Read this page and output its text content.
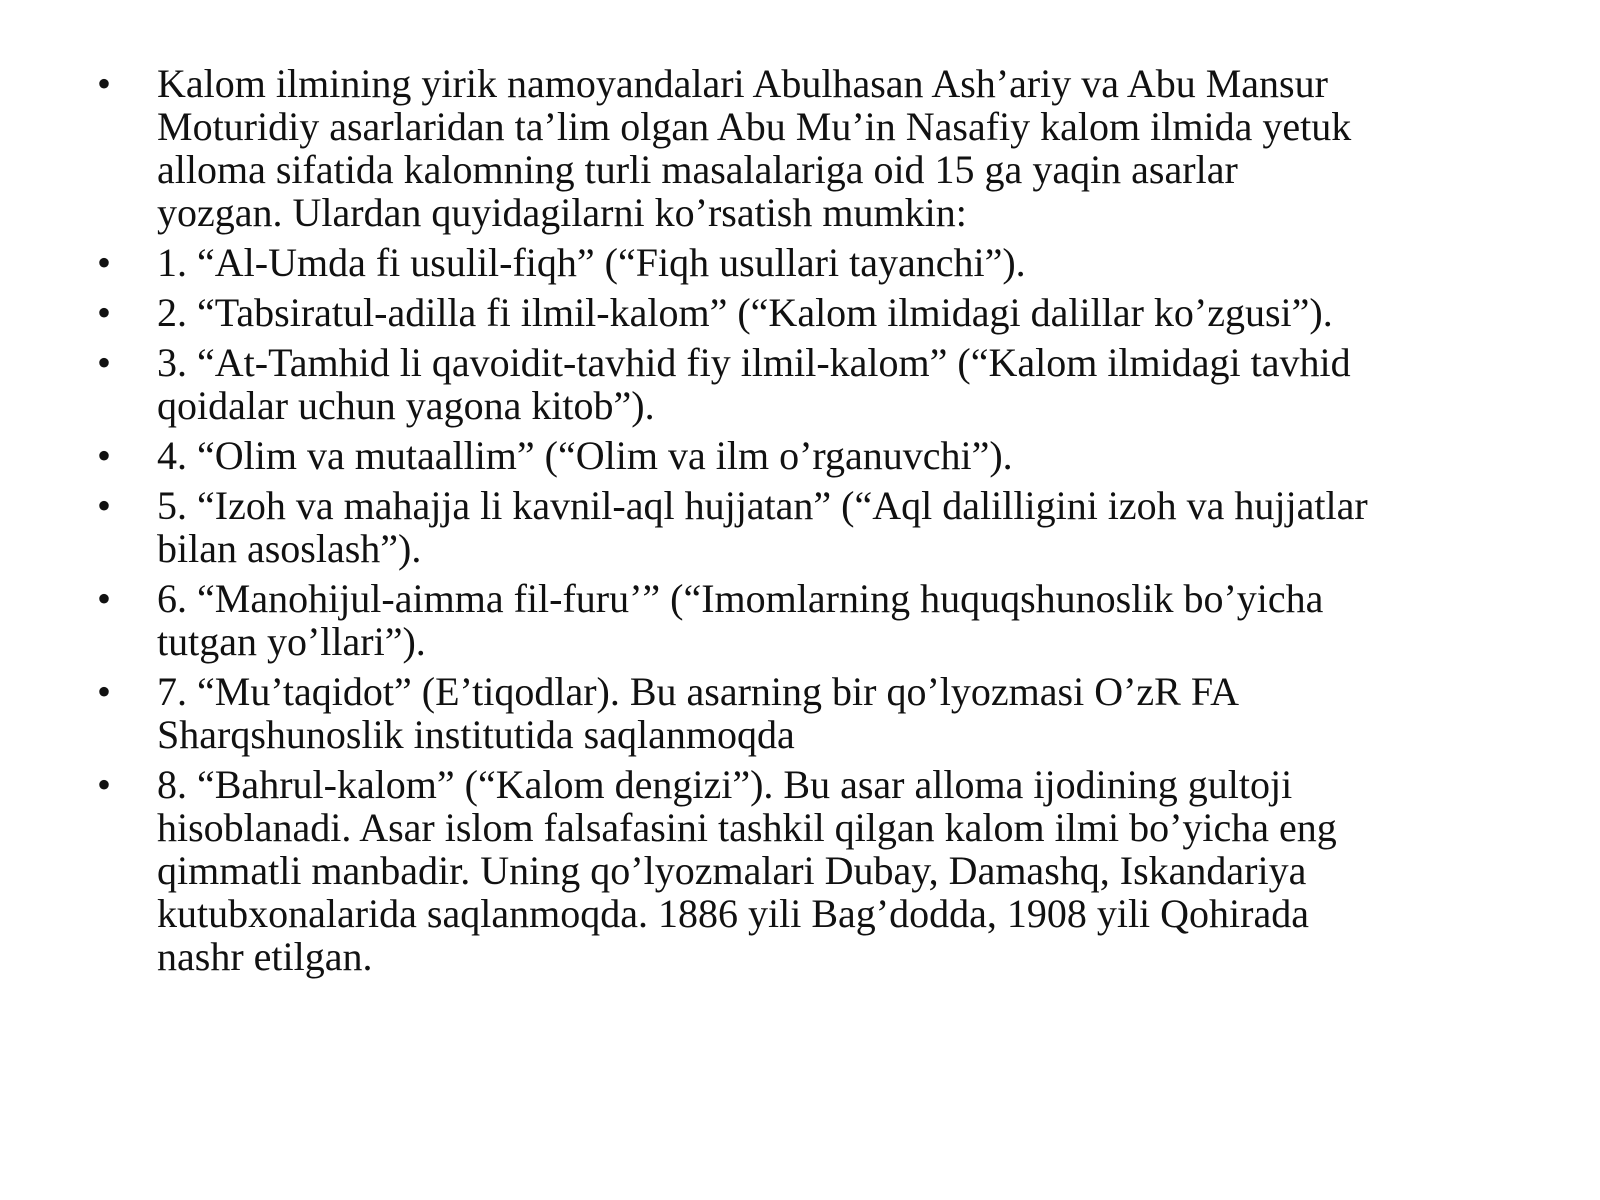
• Kalom ilmining yirik namoyandalari Abulhasan Ash’ariy va Abu Mansur
Moturidiy asarlaridan ta’lim olgan Abu Mu’in Nasafiy kalom ilmida yetuk
alloma sifatida kalomning turli masalalariga oid 15 ga yaqin asarlar
yozgan. Ulardan quyidagilarni ko’rsatish mumkin:
• 1. “Al-Umda fi usulil-fiqh” (“Fiqh usullari tayanchi”).
• 2. “Tabsiratul-adilla fi ilmil-kalom” (“Kalom ilmidagi dalillar ko’zgusi”).
• 3. “At-Tamhid li qavoidit-tavhid fiy ilmil-kalom” (“Kalom ilmidagi tavhid
qoidalar uchun yagona kitob”).
• 4. “Olim va mutaallim” (“Olim va ilm o’rganuvchi”).
• 5. “Izoh va mahajja li kavnil-aql hujjatan” (“Aql dalilligini izoh va hujjatlar
bilan asoslash”).
• 6. “Manohijul-aimma fil-furu’” (“Imomlarning huquqshunoslik bo’yicha
tutgan yo’llari”).
• 7. “Mu’taqidot” (E’tiqodlar). Bu asarning bir qo’lyozmasi O’zR FA
Sharqshunoslik institutida saqlanmoqda
• 8. “Bahrul-kalom” (“Kalom dengizi”). Bu asar alloma ijodining gultoji
hisoblanadi. Asar islom falsafasini tashkil qilgan kalom ilmi bo’yicha eng
qimmatli manbadir. Uning qo’lyozmalari Dubay, Damashq, Iskandariya
kutubxonalarida saqlanmoqda. 1886 yili Bag’dodda, 1908 yili Qohirada
nashr etilgan.
